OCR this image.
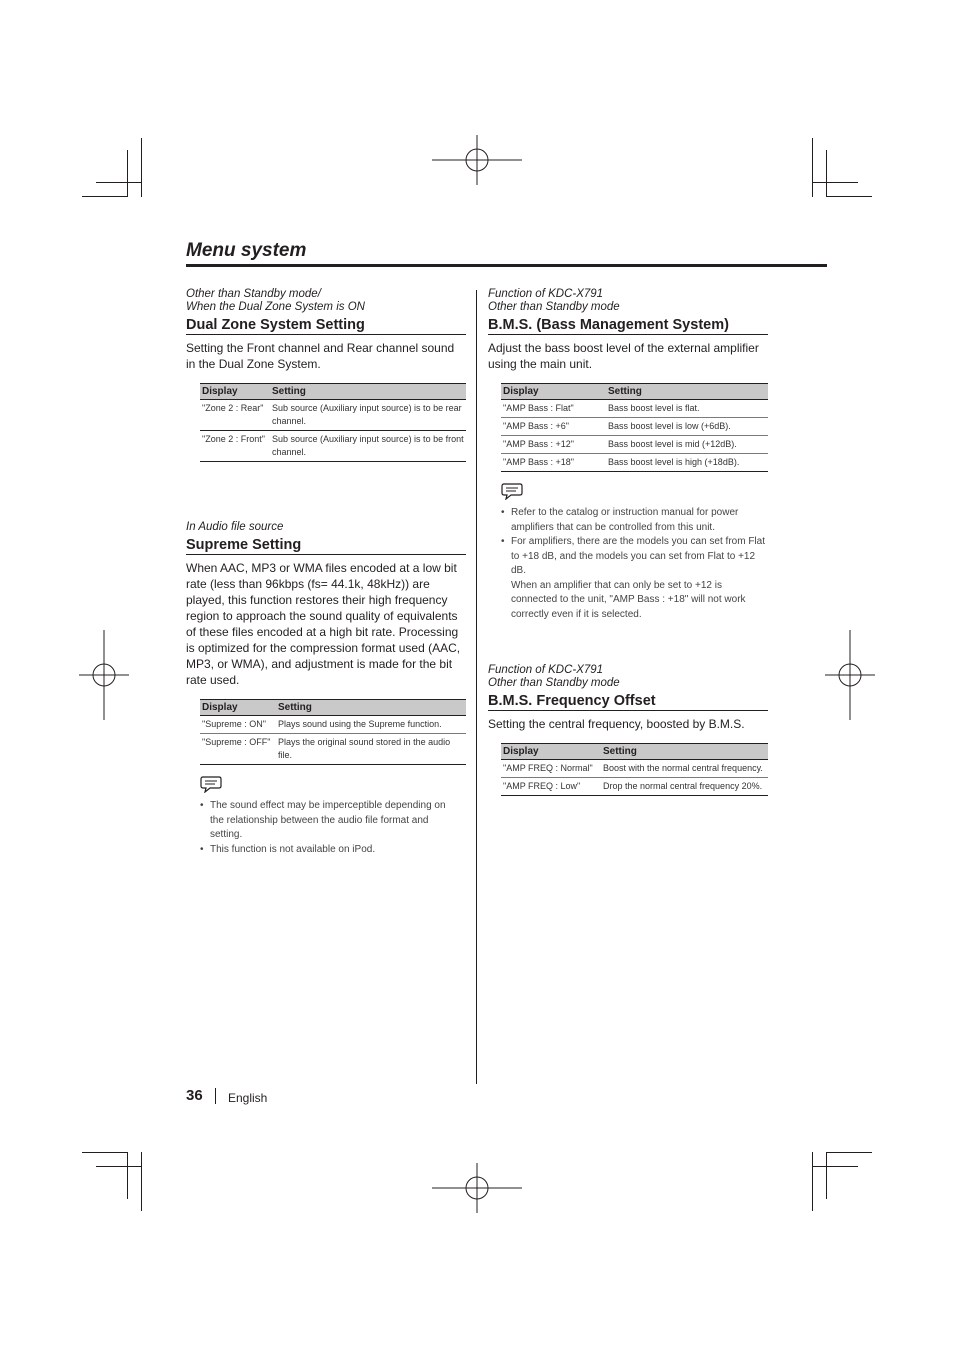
Menu system
Other than Standby mode/
When the Dual Zone System is ON
Dual Zone System Setting

Setting the Front channel and Rear channel sound in the Dual Zone System.

Display	Setting
"Zone 2 : Rear"	Sub source (Auxiliary input source) is to be rear channel.
"Zone 2 : Front"	Sub source (Auxiliary input source) is to be front channel.
In Audio file source
Supreme Setting

When AAC, MP3 or WMA files encoded at a low bit rate (less than 96kbps (fs= 44.1k, 48kHz)) are played, this function restores their high frequency region to approach the sound quality of equivalents of these files encoded at a high bit rate. Processing is optimized for the compression format used (AAC, MP3, or WMA), and adjustment is made for the bit rate used.

Display	Setting
"Supreme : ON"	Plays sound using the Supreme function.
"Supreme : OFF"	Plays the original sound stored in the audio file.
• The sound effect may be imperceptible depending on the relationship between the audio file format and setting.
• This function is not available on iPod.
Function of KDC-X791
Other than Standby mode
B.M.S. (Bass Management System)

Adjust the bass boost level of the external amplifier using the main unit.

Display	Setting
"AMP Bass : Flat"	Bass boost level is flat.
"AMP Bass : +6"	Bass boost level is low (+6dB).
"AMP Bass : +12"	Bass boost level is mid (+12dB).
"AMP Bass : +18"	Bass boost level is high (+18dB).
• Refer to the catalog or instruction manual for power amplifiers that can be controlled from this unit.
• For amplifiers, there are the models you can set from Flat to +18 dB, and the models you can set from Flat to +12 dB.
When an amplifier that can only be set to +12 is connected to the unit, "AMP Bass : +18" will not work correctly even if it is selected.
Function of KDC-X791
Other than Standby mode
B.M.S. Frequency Offset

Setting the central frequency, boosted by B.M.S.

Display	Setting
"AMP FREQ : Normal"	Boost with the normal central frequency.
"AMP FREQ : Low"	Drop the normal central frequency 20%.
36 English
